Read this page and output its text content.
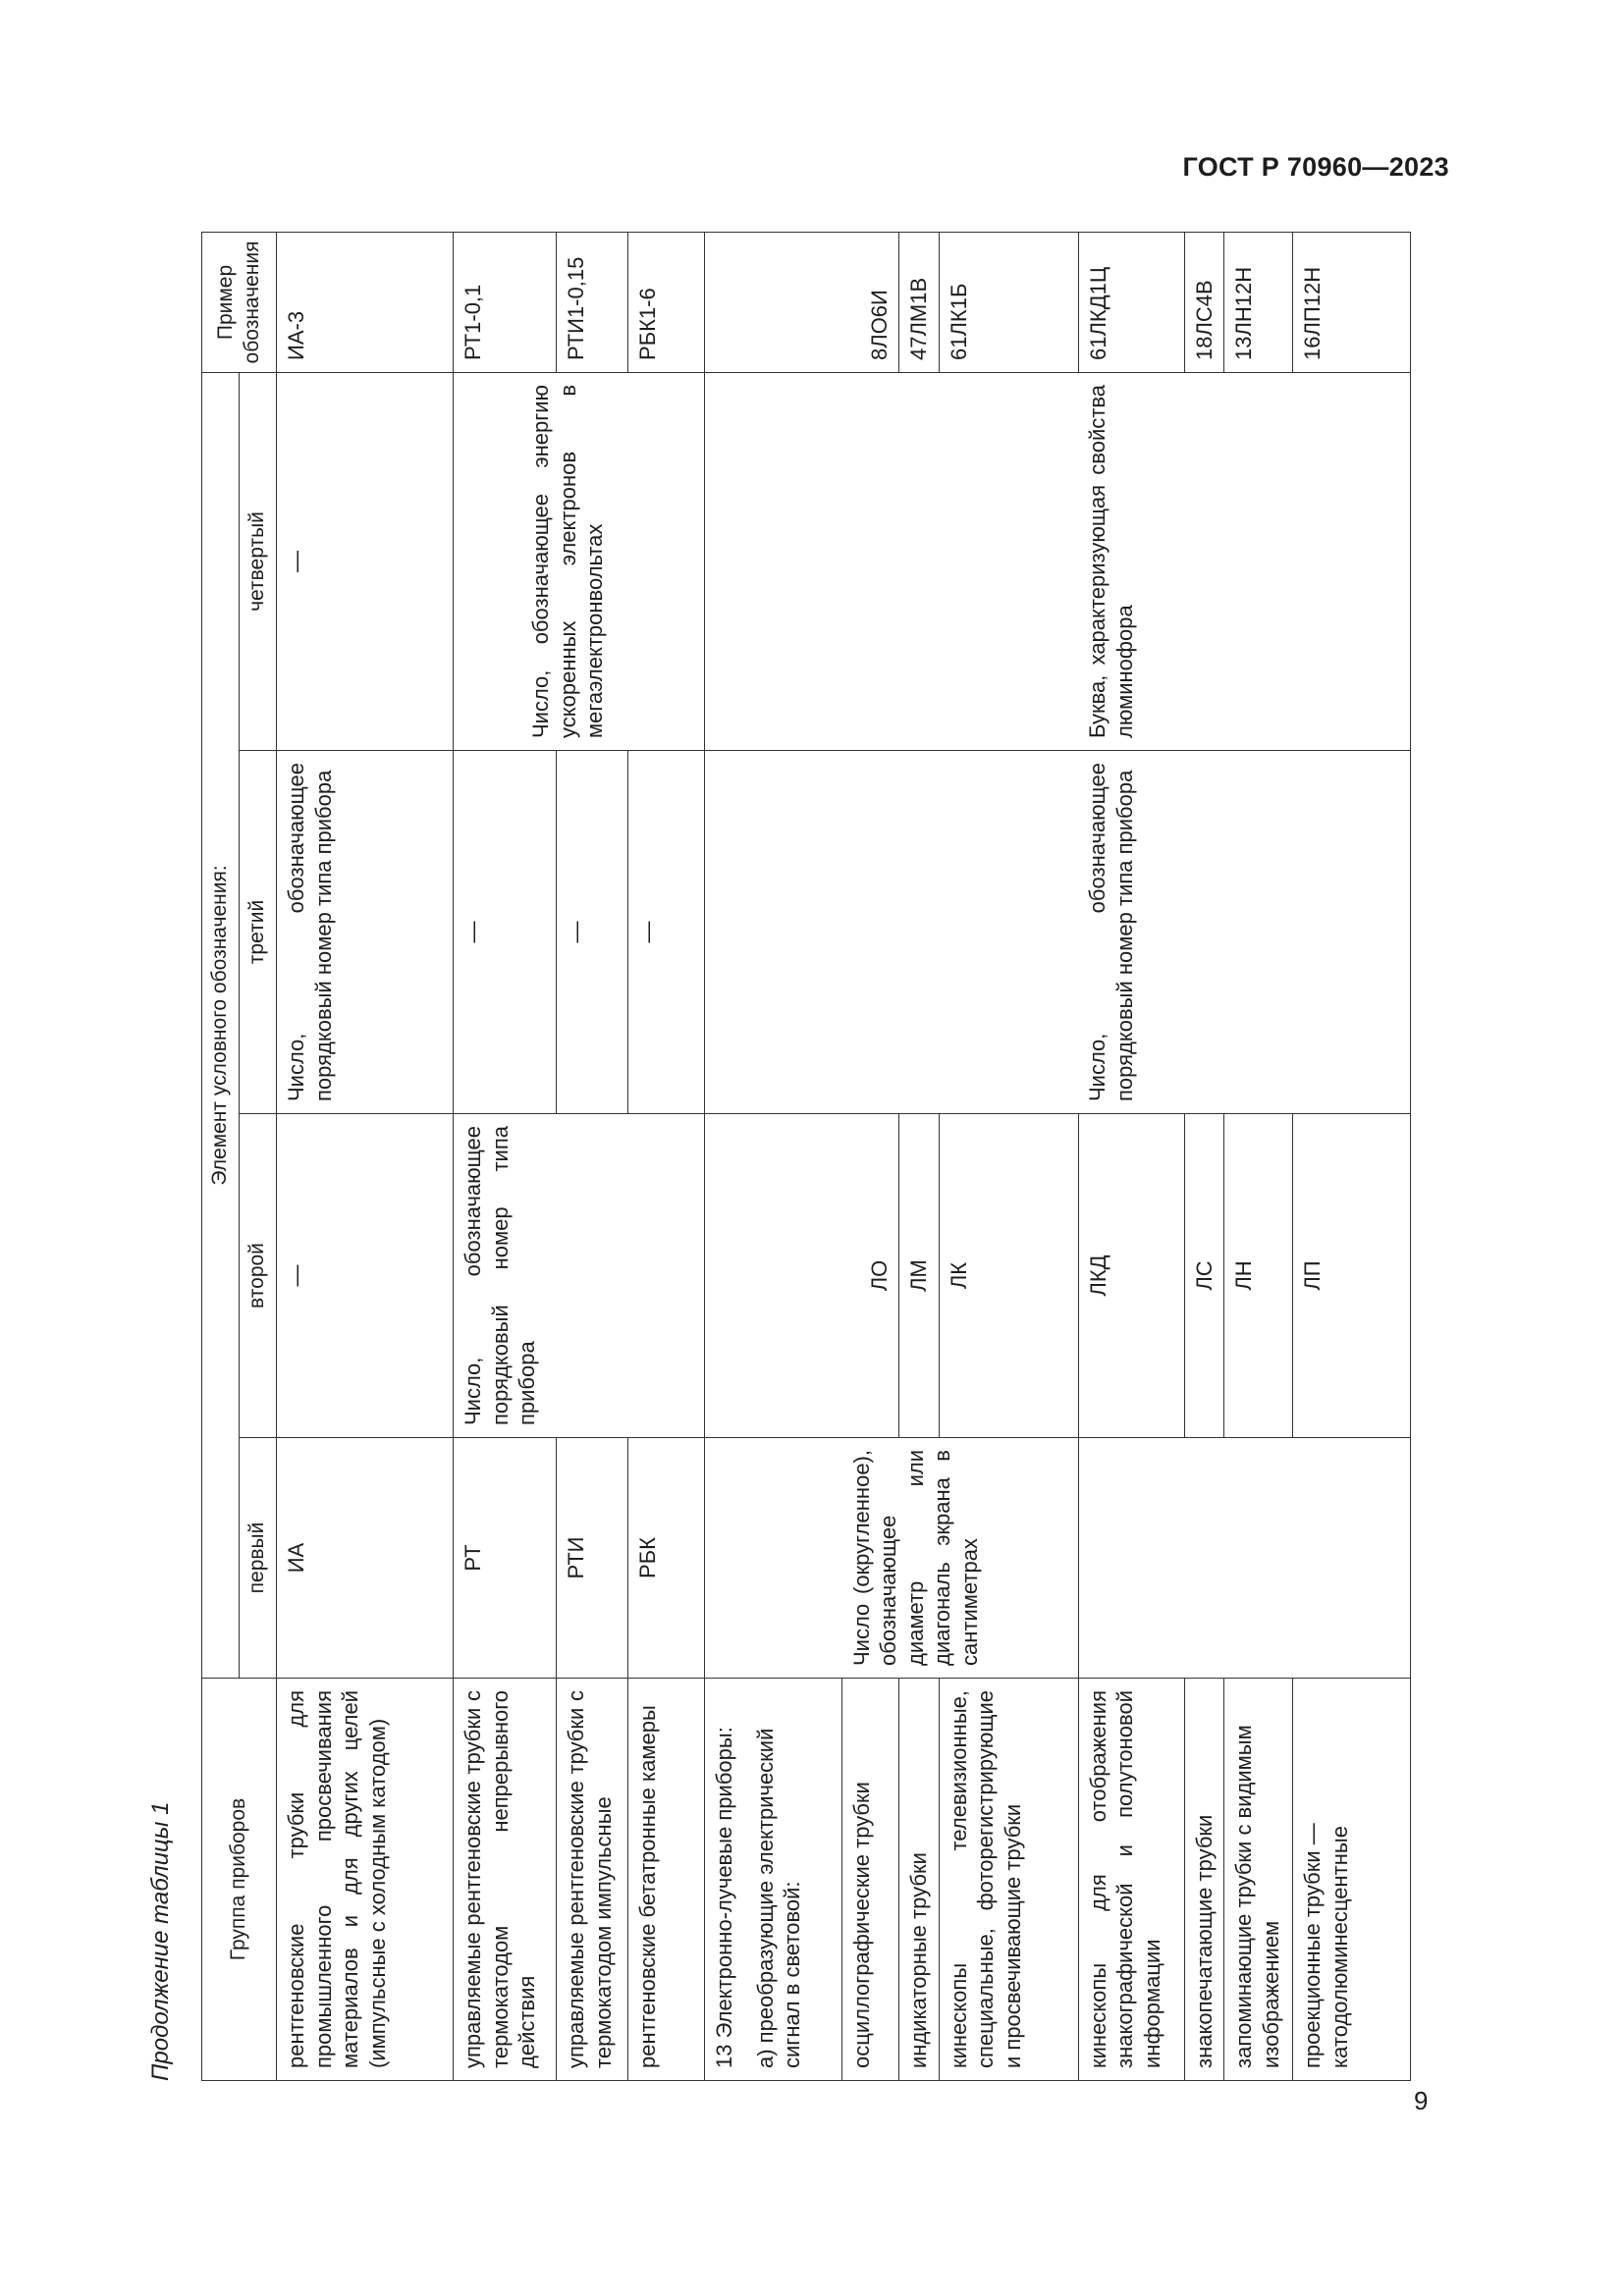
ГОСТ Р 70960—2023
9
Продолжение таблицы 1	Группа приборов	Элемент условного обозначения:				Пример обозначения
	первый	второй	третий	четвертый	
рентгеновские трубки для промышленного просвечивания материалов и для других целей (импульсные с холодным катодом)	ИА	—	Число, обозначающее порядковый номер типа прибора	—	ИА-3
управляемые рентгеновские трубки с термокатодом непрерывного действия	РТ	Число, обозначающее порядковый номер типа прибора	—	Число, обозначающее энергию ускоренных электронов в мегаэлектронвольтах	РТ1-0,1
управляемые рентгеновские трубки с термокатодом импульсные	РТИ		—		РТИ1-0,15
рентгеновские бетатронные камеры	РБК		—		РБК1-6

13 Электронно-лучевые приборы: а) преобразующие электрический сигнал в световой:					

осциллографические трубки	Число (округленное), обозначающее диаметр или диагональ экрана в сантиметрах	ЛО			8ЛО6И
индикаторные трубки		ЛМ			47ЛМ1В
кинескопы телевизионные, специальные, фоторегистрирующие и просвечивающие трубки		ЛК			61ЛК1Б
кинескопы для отображения знакографической и полутоновой информации		ЛКД	Число, обозначающее порядковый номер типа прибора	Буква, характеризующая свойства люминофора	61ЛКД1Ц
знакопечатающие трубки		ЛС			18ЛС4В
запоминающие трубки с видимым изображением		ЛН			13ЛН12Н
проекционные трубки — катодолюминесцентные		ЛП			16ЛП12Н
